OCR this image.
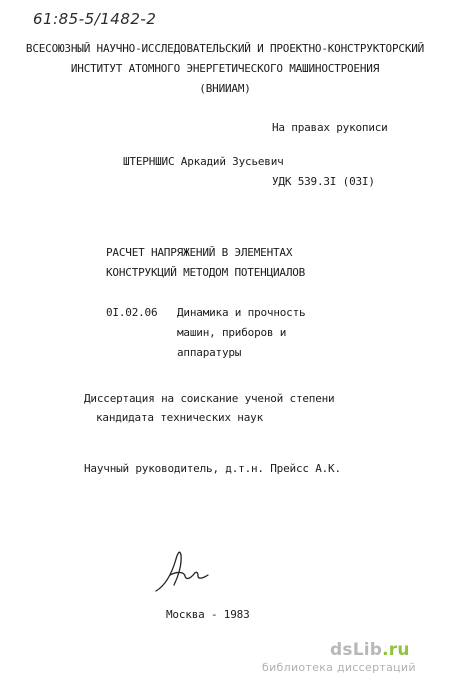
61:85-5/1482-2
ВСЕСОЮЗНЫЙ НАУЧНО-ИССЛЕДОВАТЕЛЬСКИЙ И ПРОЕКТНО-КОНСТРУКТОРСКИЙ
ИНСТИТУТ АТОМНОГО ЭНЕРГЕТИЧЕСКОГО МАШИНОСТРОЕНИЯ
(ВНИИАМ)
На правах рукописи
ШТЕРНШИС Аркадий Зусьевич
УДК 539.3I (03I)
РАСЧЕТ НАПРЯЖЕНИЙ В ЭЛЕМЕНТАХ
КОНСТРУКЦИЙ МЕТОДОМ ПОТЕНЦИАЛОВ
0I.02.06 Динамика и прочность
машин, приборов и
аппаратуры
Диссертация на соискание ученой степени
кандидата технических наук
Научный руководитель, д.т.н. Прейсс А.К.
Москва - 1983
dsLib.ru
библиотека диссертаций
